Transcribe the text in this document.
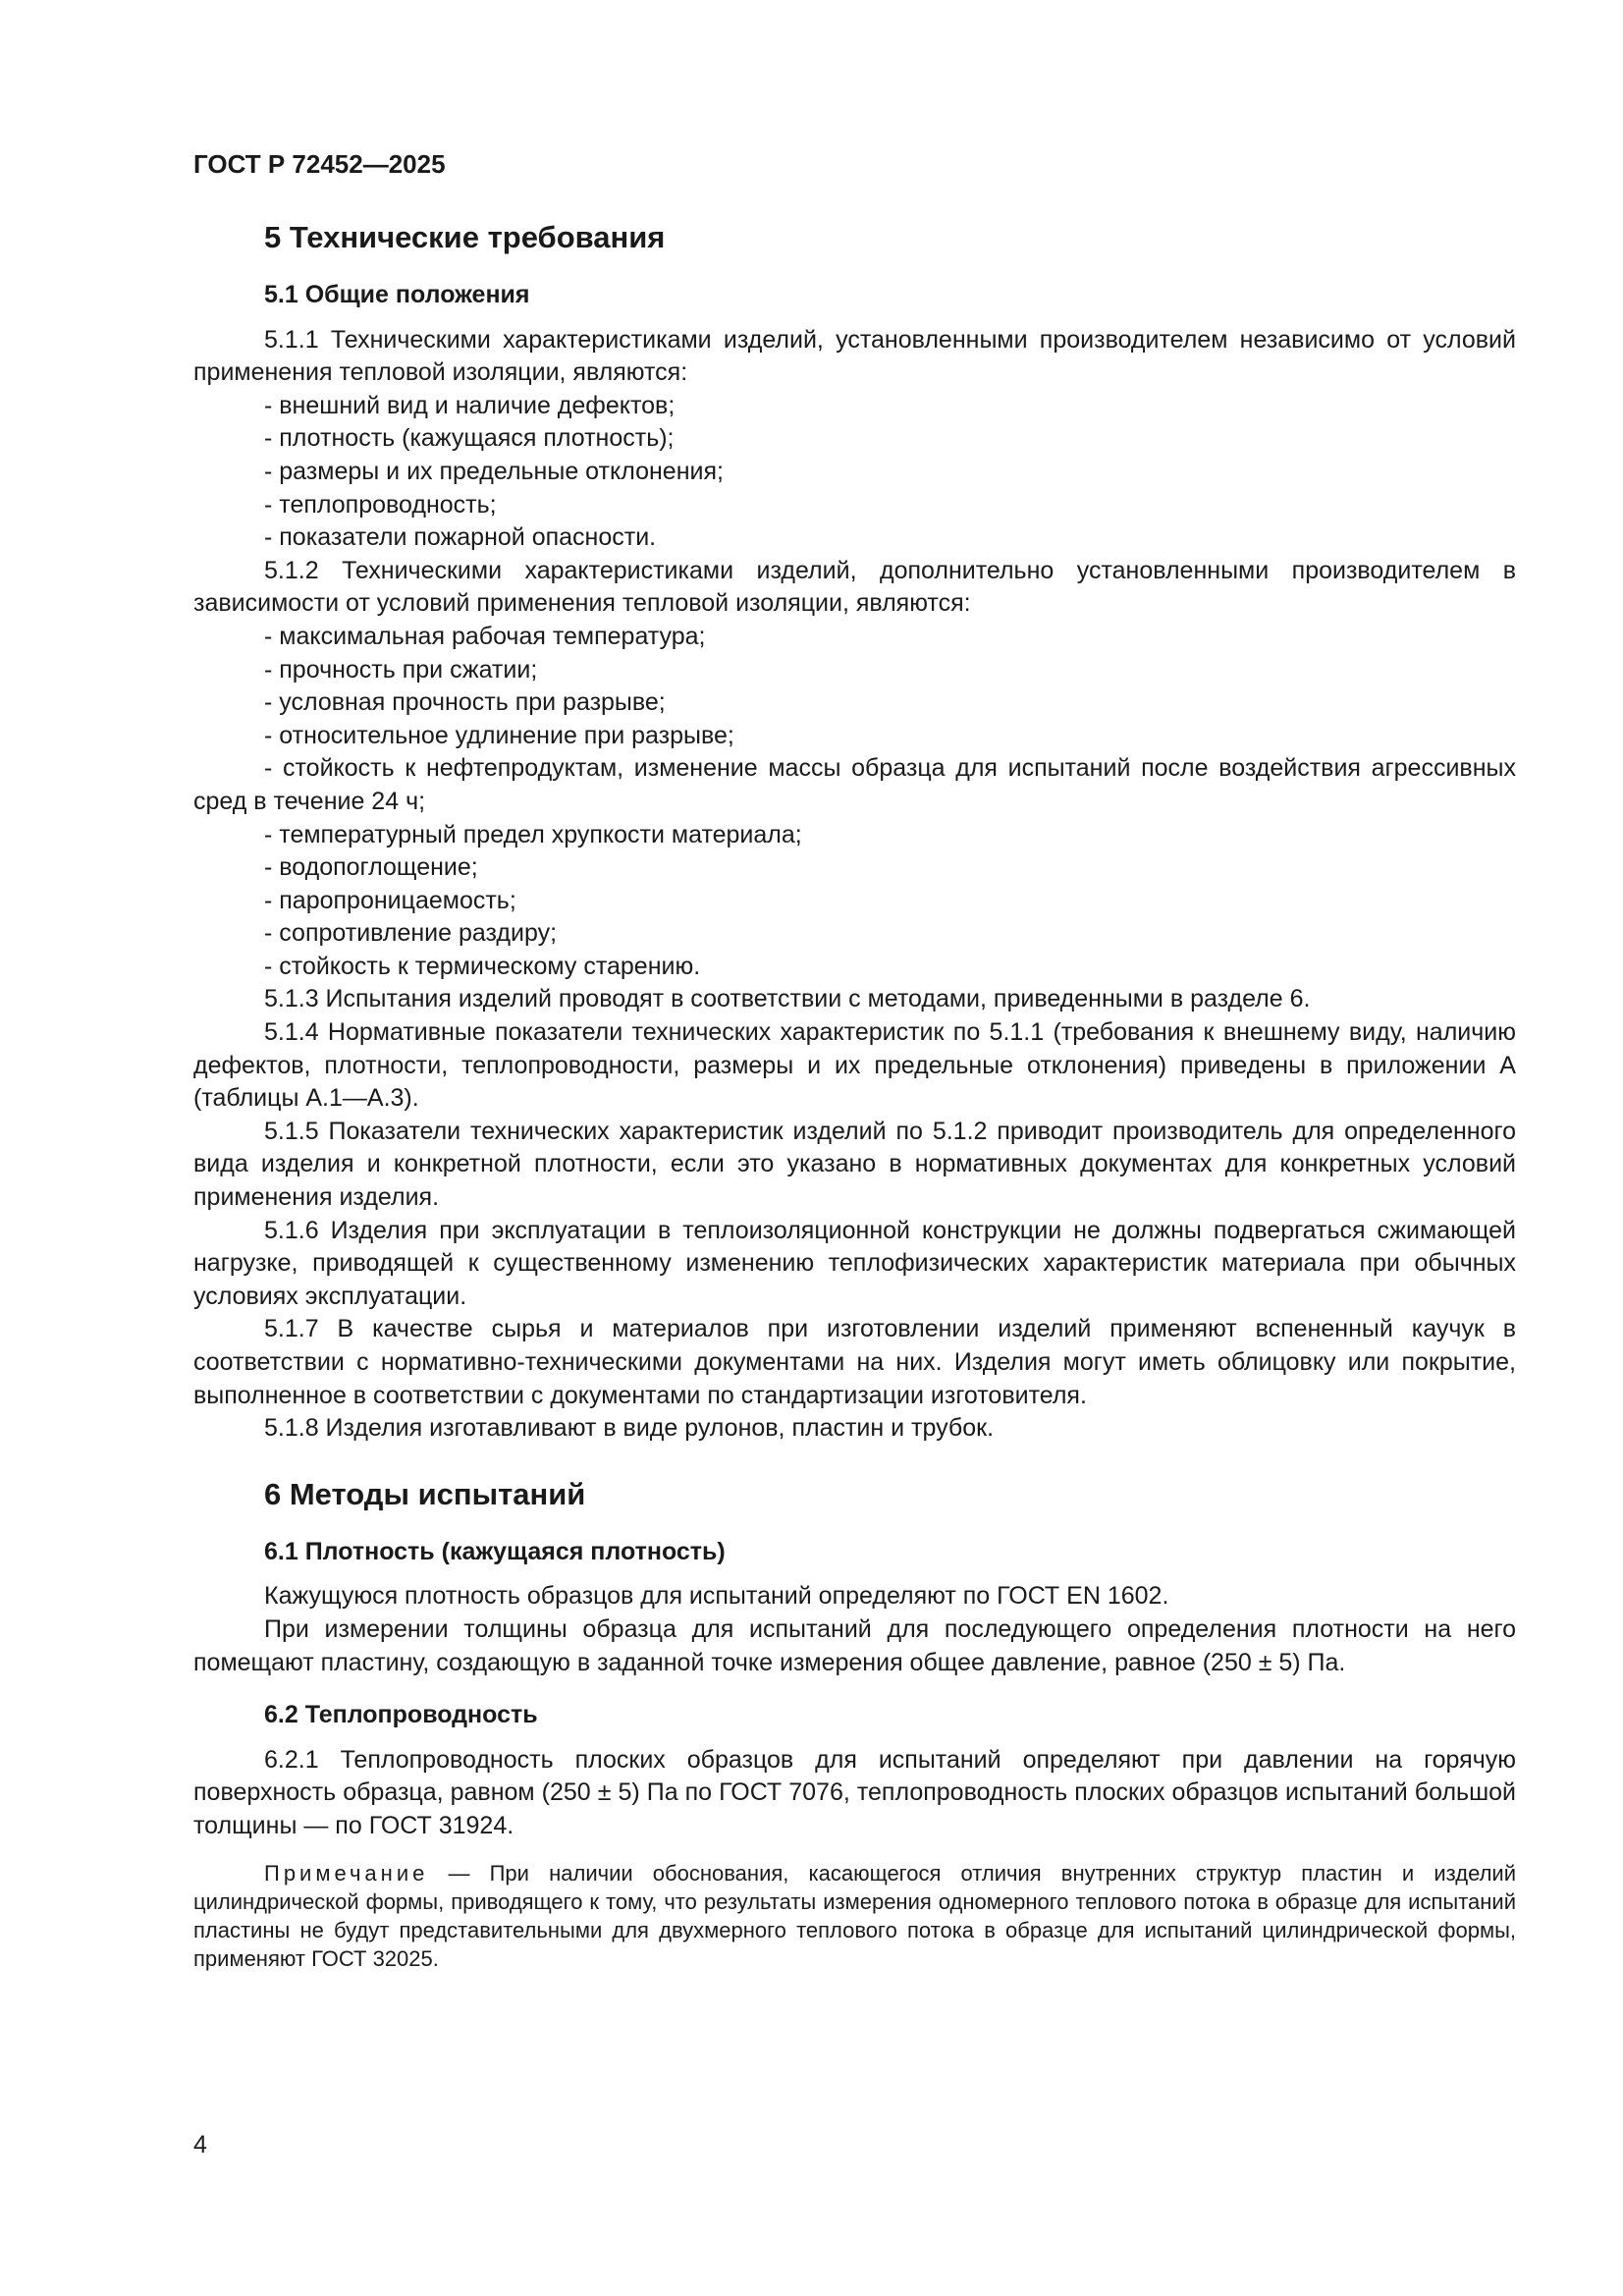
ГОСТ Р 72452—2025

5 Технические требования

5.1 Общие положения

5.1.1 Техническими характеристиками изделий, установленными производителем независимо от условий применения тепловой изоляции, являются:

- внешний вид и наличие дефектов;

- плотность (кажущаяся плотность);

- размеры и их предельные отклонения;

- теплопроводность;

- показатели пожарной опасности.

5.1.2 Техническими характеристиками изделий, дополнительно установленными производителем в зависимости от условий применения тепловой изоляции, являются:

- максимальная рабочая температура;

- прочность при сжатии;

- условная прочность при разрыве;

- относительное удлинение при разрыве;

- стойкость к нефтепродуктам, изменение массы образца для испытаний после воздействия агрессивных сред в течение 24 ч;

- температурный предел хрупкости материала;

- водопоглощение;

- паропроницаемость;

- сопротивление раздиру;

- стойкость к термическому старению.

5.1.3 Испытания изделий проводят в соответствии с методами, приведенными в разделе 6.

5.1.4 Нормативные показатели технических характеристик по 5.1.1 (требования к внешнему виду, наличию дефектов, плотности, теплопроводности, размеры и их предельные отклонения) приведены в приложении А (таблицы А.1—А.3).

5.1.5 Показатели технических характеристик изделий по 5.1.2 приводит производитель для определенного вида изделия и конкретной плотности, если это указано в нормативных документах для конкретных условий применения изделия.

5.1.6 Изделия при эксплуатации в теплоизоляционной конструкции не должны подвергаться сжимающей нагрузке, приводящей к существенному изменению теплофизических характеристик материала при обычных условиях эксплуатации.

5.1.7 В качестве сырья и материалов при изготовлении изделий применяют вспененный каучук в соответствии с нормативно-техническими документами на них. Изделия могут иметь облицовку или покрытие, выполненное в соответствии с документами по стандартизации изготовителя.

5.1.8 Изделия изготавливают в виде рулонов, пластин и трубок.

6 Методы испытаний

6.1 Плотность (кажущаяся плотность)

Кажущуюся плотность образцов для испытаний определяют по ГОСТ EN 1602.

При измерении толщины образца для испытаний для последующего определения плотности на него помещают пластину, создающую в заданной точке измерения общее давление, равное (250 ± 5) Па.

6.2 Теплопроводность

6.2.1 Теплопроводность плоских образцов для испытаний определяют при давлении на горячую поверхность образца, равном (250 ± 5) Па по ГОСТ 7076, теплопроводность плоских образцов испытаний большой толщины — по ГОСТ 31924.

Примечание — При наличии обоснования, касающегося отличия внутренних структур пластин и изделий цилиндрической формы, приводящего к тому, что результаты измерения одномерного теплового потока в образце для испытаний пластины не будут представительными для двухмерного теплового потока в образце для испытаний цилиндрической формы, применяют ГОСТ 32025.

4
